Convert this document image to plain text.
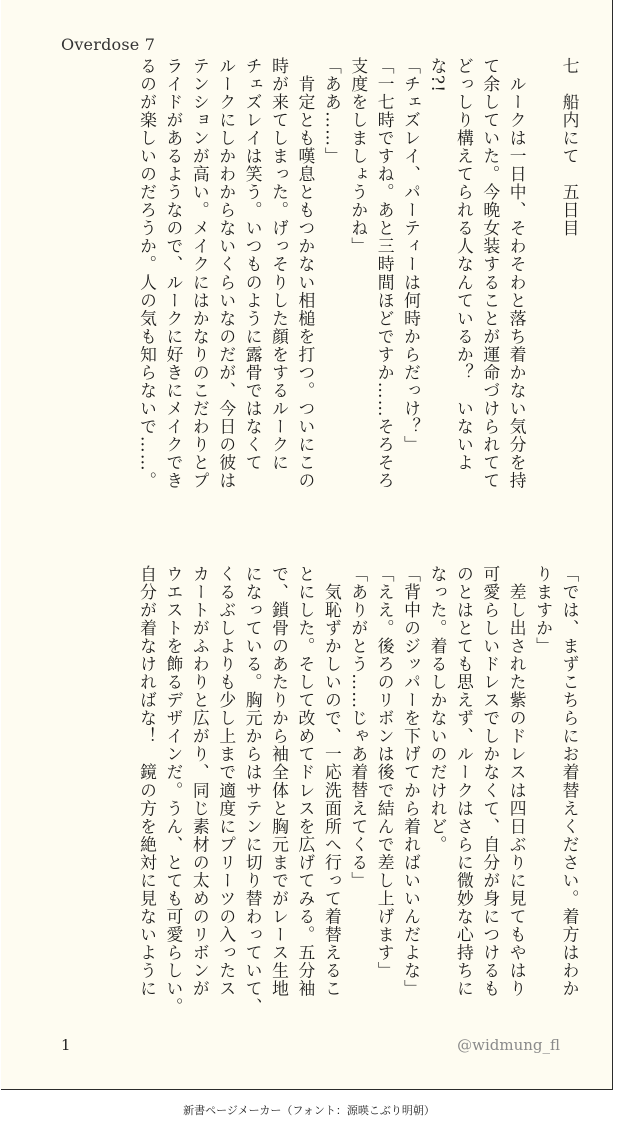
Overdose 7
七　船内にて　五日目

　ルークは一日中、そわそわと落ち着かない気分を持
て余していた。今晩女装することが運命づけられてて
どっしり構えてられる人なんているか？　いないよ
な?!
「チェズレイ、パーティーは何時からだっけ？」
「一七時ですね。あと三時間ほどですか……そろそろ
支度をしましょうかね」
「ああ……」
　肯定とも嘆息ともつかない相槌を打つ。ついにこの
時が来てしまった。げっそりした顔をするルークに
チェズレイは笑う。いつものように露骨ではなくて
ルークにしかわからないくらいなのだが、今日の彼は
テンションが高い。メイクにはかなりのこだわりとプ
ライドがあるようなので、ルークに好きにメイクでき
るのが楽しいのだろうか。人の気も知らないで……。
「では、まずこちらにお着替えください。着方はわか
りますか」
　差し出された紫のドレスは四日ぶりに見てもやはり
可愛らしいドレスでしかなくて、自分が身につけるも
のとはとても思えず、ルークはさらに微妙な心持ちに
なった。着るしかないのだけれど。
「背中のジッパーを下げてから着ればいいんだよな」
「ええ。後ろのリボンは後で結んで差し上げます」
「ありがとう……じゃあ着替えてくる」
　気恥ずかしいので、一応洗面所へ行って着替えるこ
とにした。そして改めてドレスを広げてみる。五分袖
で、鎖骨のあたりから袖全体と胸元までがレース生地
になっている。胸元からはサテンに切り替わっていて、
くるぶしよりも少し上まで適度にプリーツの入ったス
カートがふわりと広がり、同じ素材の太めのリボンが
ウエストを飾るデザインだ。うん、とても可愛らしい。
自分が着なければな！　鏡の方を絶対に見ないように
1	@widmung_fl
新書ページメーカー（フォント：源暎こぶり明朝）
